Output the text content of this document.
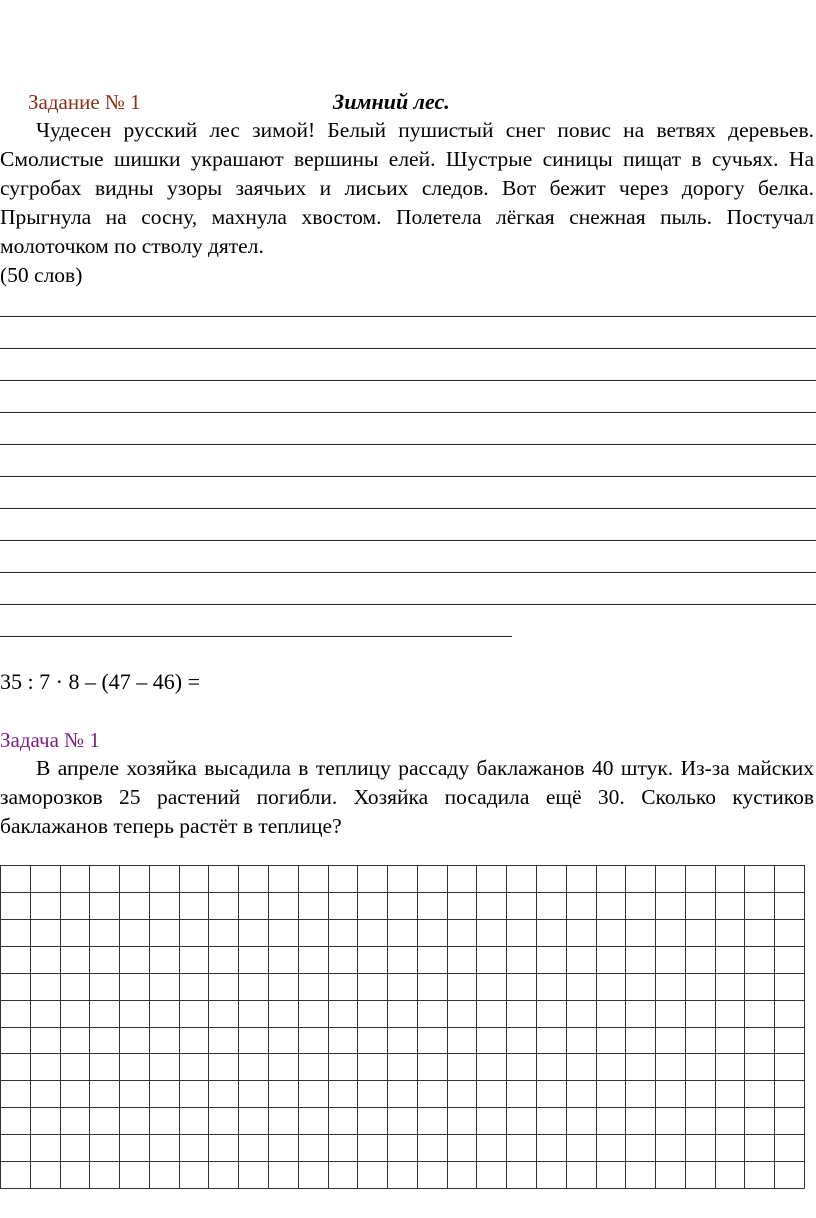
Задание № 1	Зимний лес.

Чудесен русский лес зимой! Белый пушистый снег повис на ветвях деревьев. Смолистые шишки украшают вершины елей. Шустрые синицы пищат в сучьях. На сугробах видны узоры заячьих и лисьих следов. Вот бежит через дорогу белка. Прыгнула на сосну, махнула хвостом. Полетела лёгкая снежная пыль. Постучал молоточком по стволу дятел.

(50 слов)
35 : 7 · 8 – (47 – 46) =
Задача № 1

В апреле хозяйка высадила в теплицу рассаду баклажанов 40 штук. Из-за майских заморозков 25 растений погибли. Хозяйка посадила ещё 30. Сколько кустиков баклажанов теперь растёт в теплице?
